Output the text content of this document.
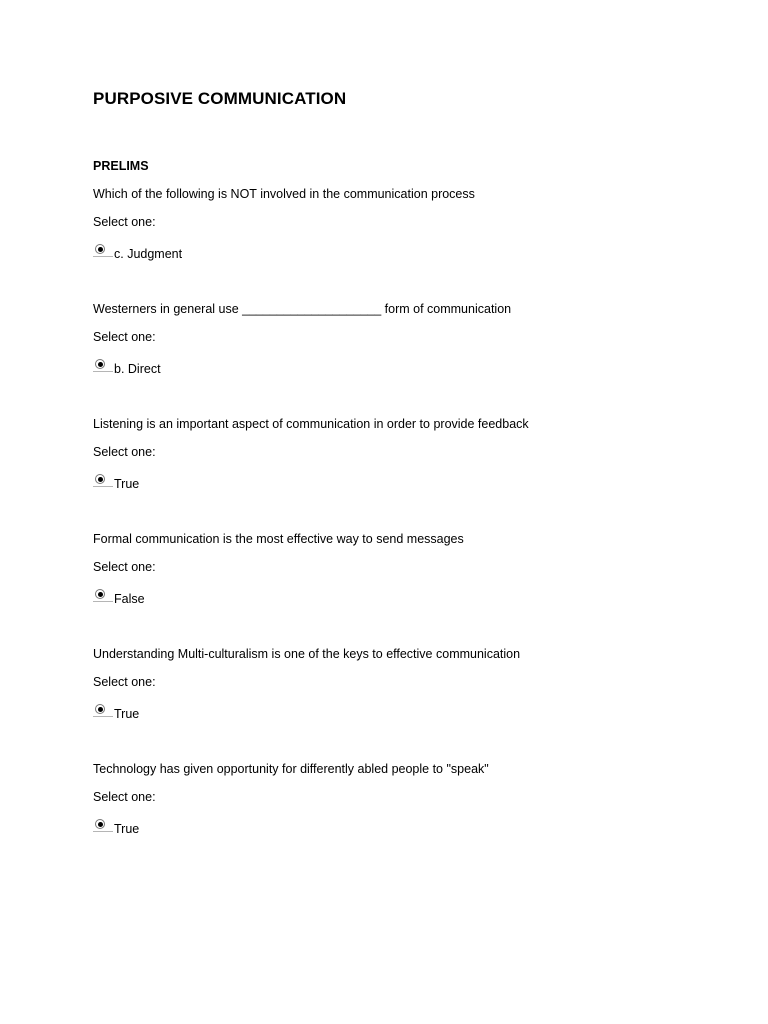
PURPOSIVE COMMUNICATION
PRELIMS

Which of the following is NOT involved in the communication process

Select one:

c. Judgment

Westerners in general use ____________________ form of communication

Select one:

b. Direct

Listening is an important aspect of communication in order to provide feedback

Select one:

True

Formal communication is the most effective way to send messages

Select one:

False

Understanding Multi-culturalism is one of the keys to effective communication

Select one:

True

Technology has given opportunity for differently abled people to "speak"

Select one:

True
